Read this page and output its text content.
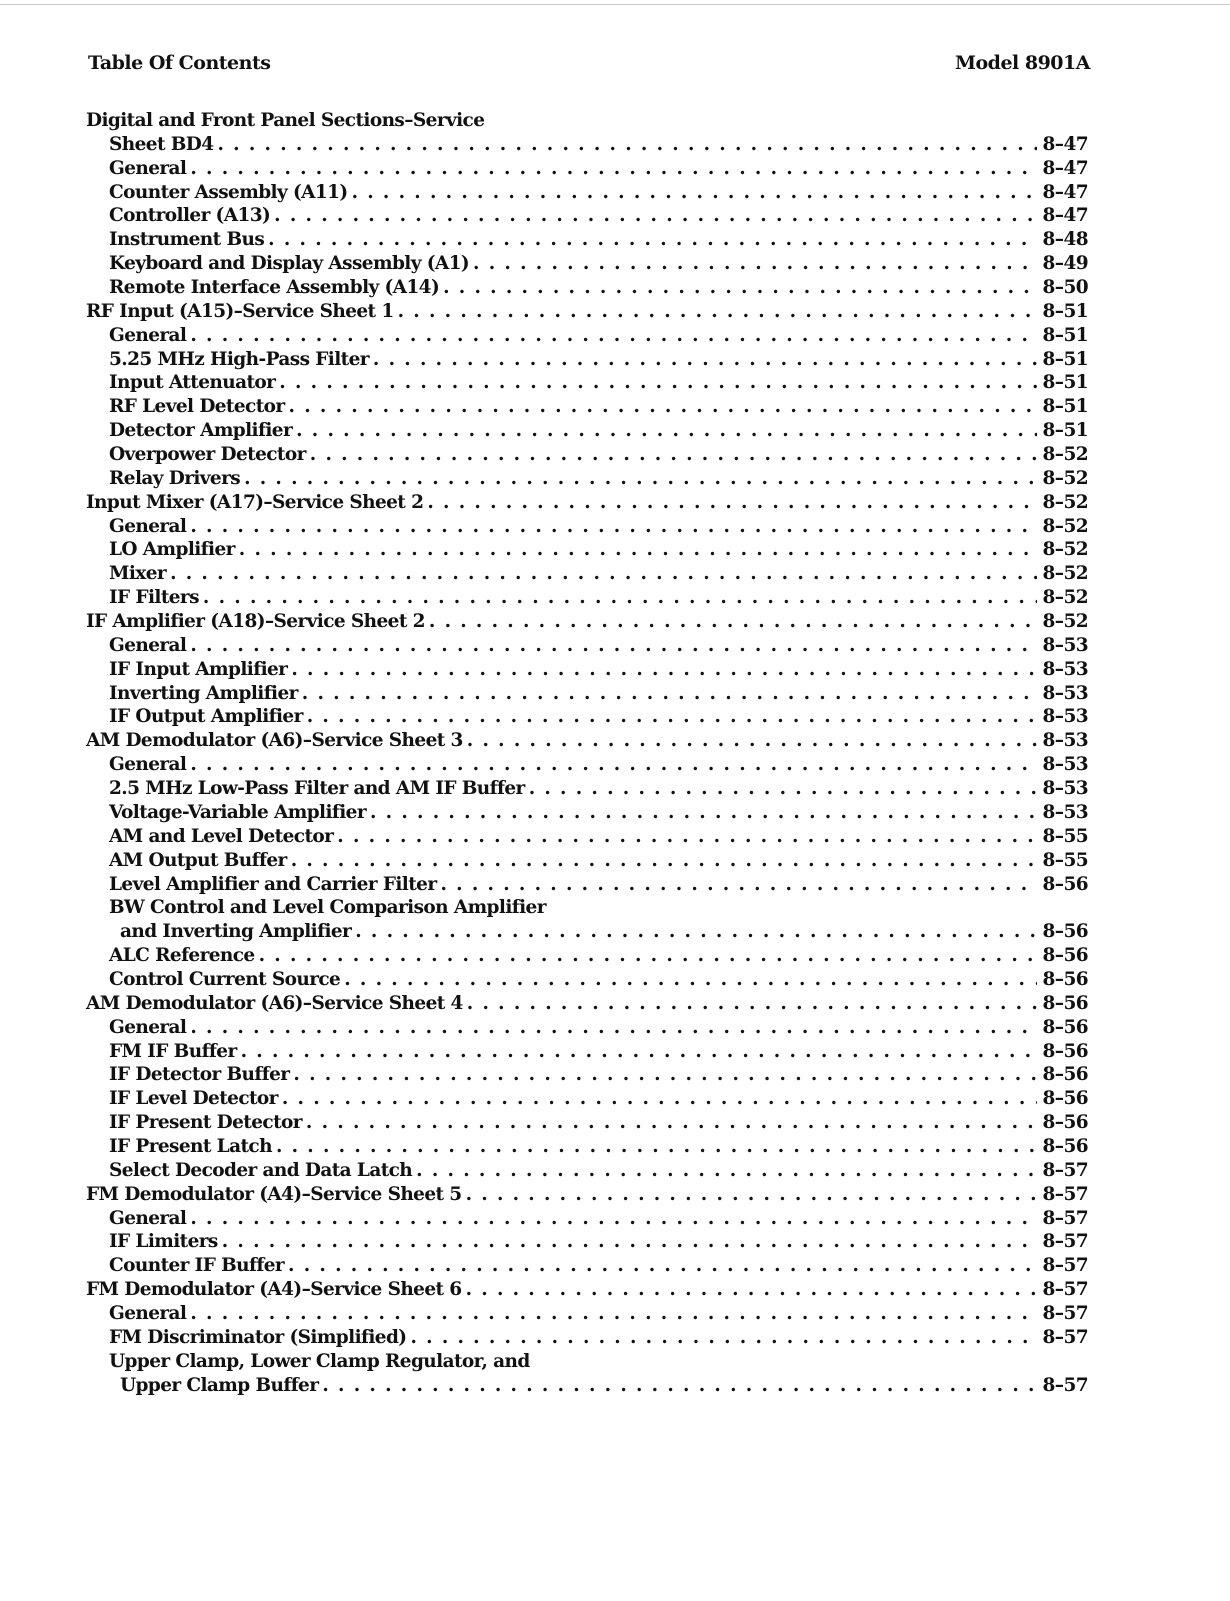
Table Of Contents	Model 8901A
Digital and Front Panel Sections–Service
Sheet BD4 . . .	8–47
General . . .	8–47
Counter Assembly (A11) . . .	8–47
Controller (A13) . . .	8–47
Instrument Bus . . .	8–48
Keyboard and Display Assembly (A1) . . .	8–49
Remote Interface Assembly (A14) . . .	8–50
RF Input (A15)–Service Sheet 1 . . .	8–51
General . . .	8–51
5.25 MHz High-Pass Filter . . .	8–51
Input Attenuator . . .	8–51
RF Level Detector . . .	8–51
Detector Amplifier . . .	8–51
Overpower Detector . . .	8–52
Relay Drivers . . .	8–52
Input Mixer (A17)–Service Sheet 2 . . .	8–52
General . . .	8–52
LO Amplifier . . .	8–52
Mixer . . .	8–52
IF Filters . . .	8–52
IF Amplifier (A18)–Service Sheet 2 . . .	8–52
General . . .	8–53
IF Input Amplifier . . .	8–53
Inverting Amplifier . . .	8–53
IF Output Amplifier . . .	8–53
AM Demodulator (A6)–Service Sheet 3 . . .	8–53
General . . .	8–53
2.5 MHz Low-Pass Filter and AM IF Buffer . . .	8–53
Voltage-Variable Amplifier . . .	8–53
AM and Level Detector . . .	8–55
AM Output Buffer . . .	8–55
Level Amplifier and Carrier Filter . . .	8–56
BW Control and Level Comparison Amplifier
and Inverting Amplifier . . .	8–56
ALC Reference . . .	8–56
Control Current Source . . .	8–56
AM Demodulator (A6)–Service Sheet 4 . . .	8–56
General . . .	8–56
FM IF Buffer . . .	8–56
IF Detector Buffer . . .	8–56
IF Level Detector . . .	8–56
IF Present Detector . . .	8–56
IF Present Latch . . .	8–56
Select Decoder and Data Latch . . .	8–57
FM Demodulator (A4)–Service Sheet 5 . . .	8–57
General . . .	8–57
IF Limiters . . .	8–57
Counter IF Buffer . . .	8–57
FM Demodulator (A4)–Service Sheet 6 . . .	8–57
General . . .	8–57
FM Discriminator (Simplified) . . .	8–57
Upper Clamp, Lower Clamp Regulator, and
Upper Clamp Buffer . . .	8–57
